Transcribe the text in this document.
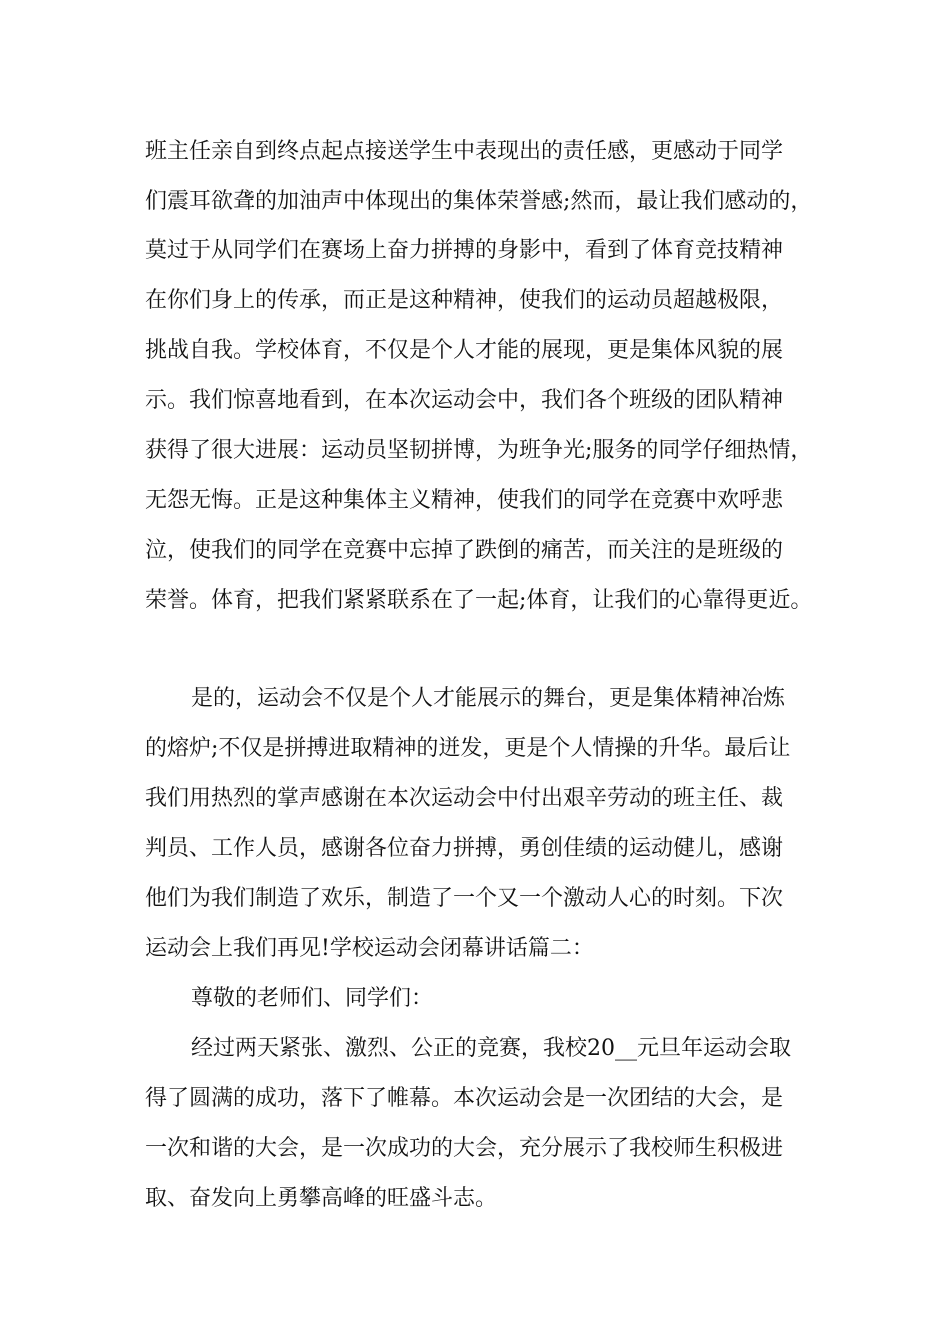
班主任亲自到终点起点接送学生中表现出的责任感，更感动于同学

们震耳欲聋的加油声中体现出的集体荣誉感;然而，最让我们感动的，

莫过于从同学们在赛场上奋力拼搏的身影中，看到了体育竞技精神

在你们身上的传承，而正是这种精神，使我们的运动员超越极限，

挑战自我。学校体育，不仅是个人才能的展现，更是集体风貌的展

示。我们惊喜地看到，在本次运动会中，我们各个班级的团队精神

获得了很大进展：运动员坚韧拼博，为班争光;服务的同学仔细热情，

无怨无悔。正是这种集体主义精神，使我们的同学在竞赛中欢呼悲

泣，使我们的同学在竞赛中忘掉了跌倒的痛苦，而关注的是班级的

荣誉。体育，把我们紧紧联系在了一起;体育，让我们的心靠得更近。

是的，运动会不仅是个人才能展示的舞台，更是集体精神冶炼

的熔炉;不仅是拼搏进取精神的迸发，更是个人情操的升华。最后让

我们用热烈的掌声感谢在本次运动会中付出艰辛劳动的班主任、裁

判员、工作人员，感谢各位奋力拼搏，勇创佳绩的运动健儿，感谢

他们为我们制造了欢乐，制造了一个又一个激动人心的时刻。下次

运动会上我们再见!学校运动会闭幕讲话篇二：

尊敬的老师们、同学们：

经过两天紧张、激烈、公正的竞赛，我校20__元旦年运动会取

得了圆满的成功，落下了帷幕。本次运动会是一次团结的大会，是

一次和谐的大会，是一次成功的大会，充分展示了我校师生积极进

取、奋发向上勇攀高峰的旺盛斗志。
